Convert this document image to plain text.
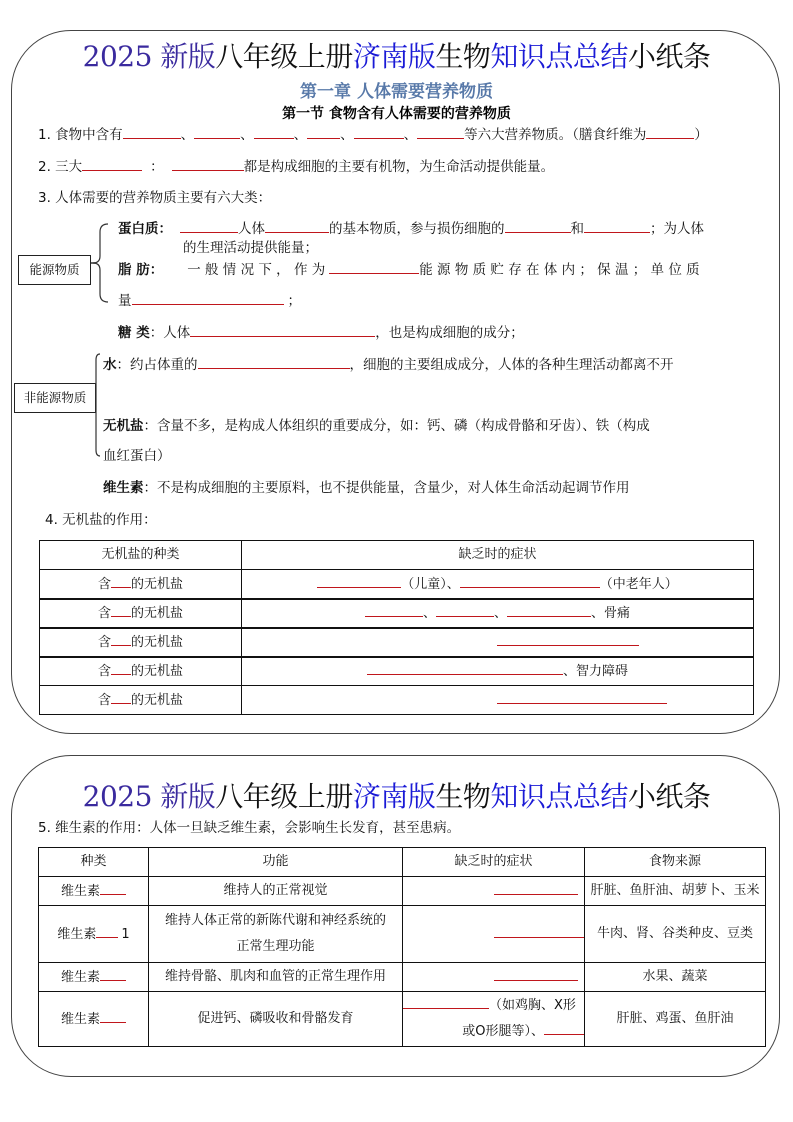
2025 新版八年级上册济南版生物知识点总结小纸条
第一章 人体需要营养物质
第一节 食物含有人体需要的营养物质
1. 食物中含有	、	、	、 、	、	等六大营养物质。（膳食纤维为	）
2. 三大	：	都是构成细胞的主要有机物，为生命活动提供能量。
3. 人体需要的营养物质主要有六大类：
能源物质
蛋白质：	人体	的基本物质，参与损伤细胞的	和	；为人体
的生理活动提供能量；
脂 肪： 一 般 情 况 下 ， 作 为	能 源 物 质 贮 存 在 体 内 ； 保 温 ； 单 位 质
量	；
糖 类：人体	，也是构成细胞的成分；
非能源物质
水：约占体重的	，细胞的主要组成成分，人体的各种生理活动都离不开
无机盐：含量不多，是构成人体组织的重要成分，如：钙、磷（构成骨骼和牙齿）、铁（构成
血红蛋白）
维生素：不是构成细胞的主要原料，也不提供能量，含量少，对人体生命活动起调节作用
4. 无机盐的作用：
无机盐的种类	缺乏时的症状
含 的无机盐	（儿童）、 （中老年人）
含 的无机盐	、 、 、骨痛
含 的无机盐	
含 的无机盐	、智力障碍
含 的无机盐	
2025 新版八年级上册济南版生物知识点总结小纸条
5. 维生素的作用：人体一旦缺乏维生素，会影响生长发育，甚至患病。
种类	功能	缺乏时的症状	食物来源
维生素	维持人的正常视觉		肝脏、鱼肝油、胡萝卜、玉米
维生素 1	维持人体正常的新陈代谢和神经系统的
正常生理功能		牛肉、肾、谷类种皮、豆类
维生素	维持骨骼、肌肉和血管的正常生理作用		水果、蔬菜
维生素	促进钙、磷吸收和骨骼发育	（如鸡胸、X形
或O形腿等）、	肝脏、鸡蛋、鱼肝油
